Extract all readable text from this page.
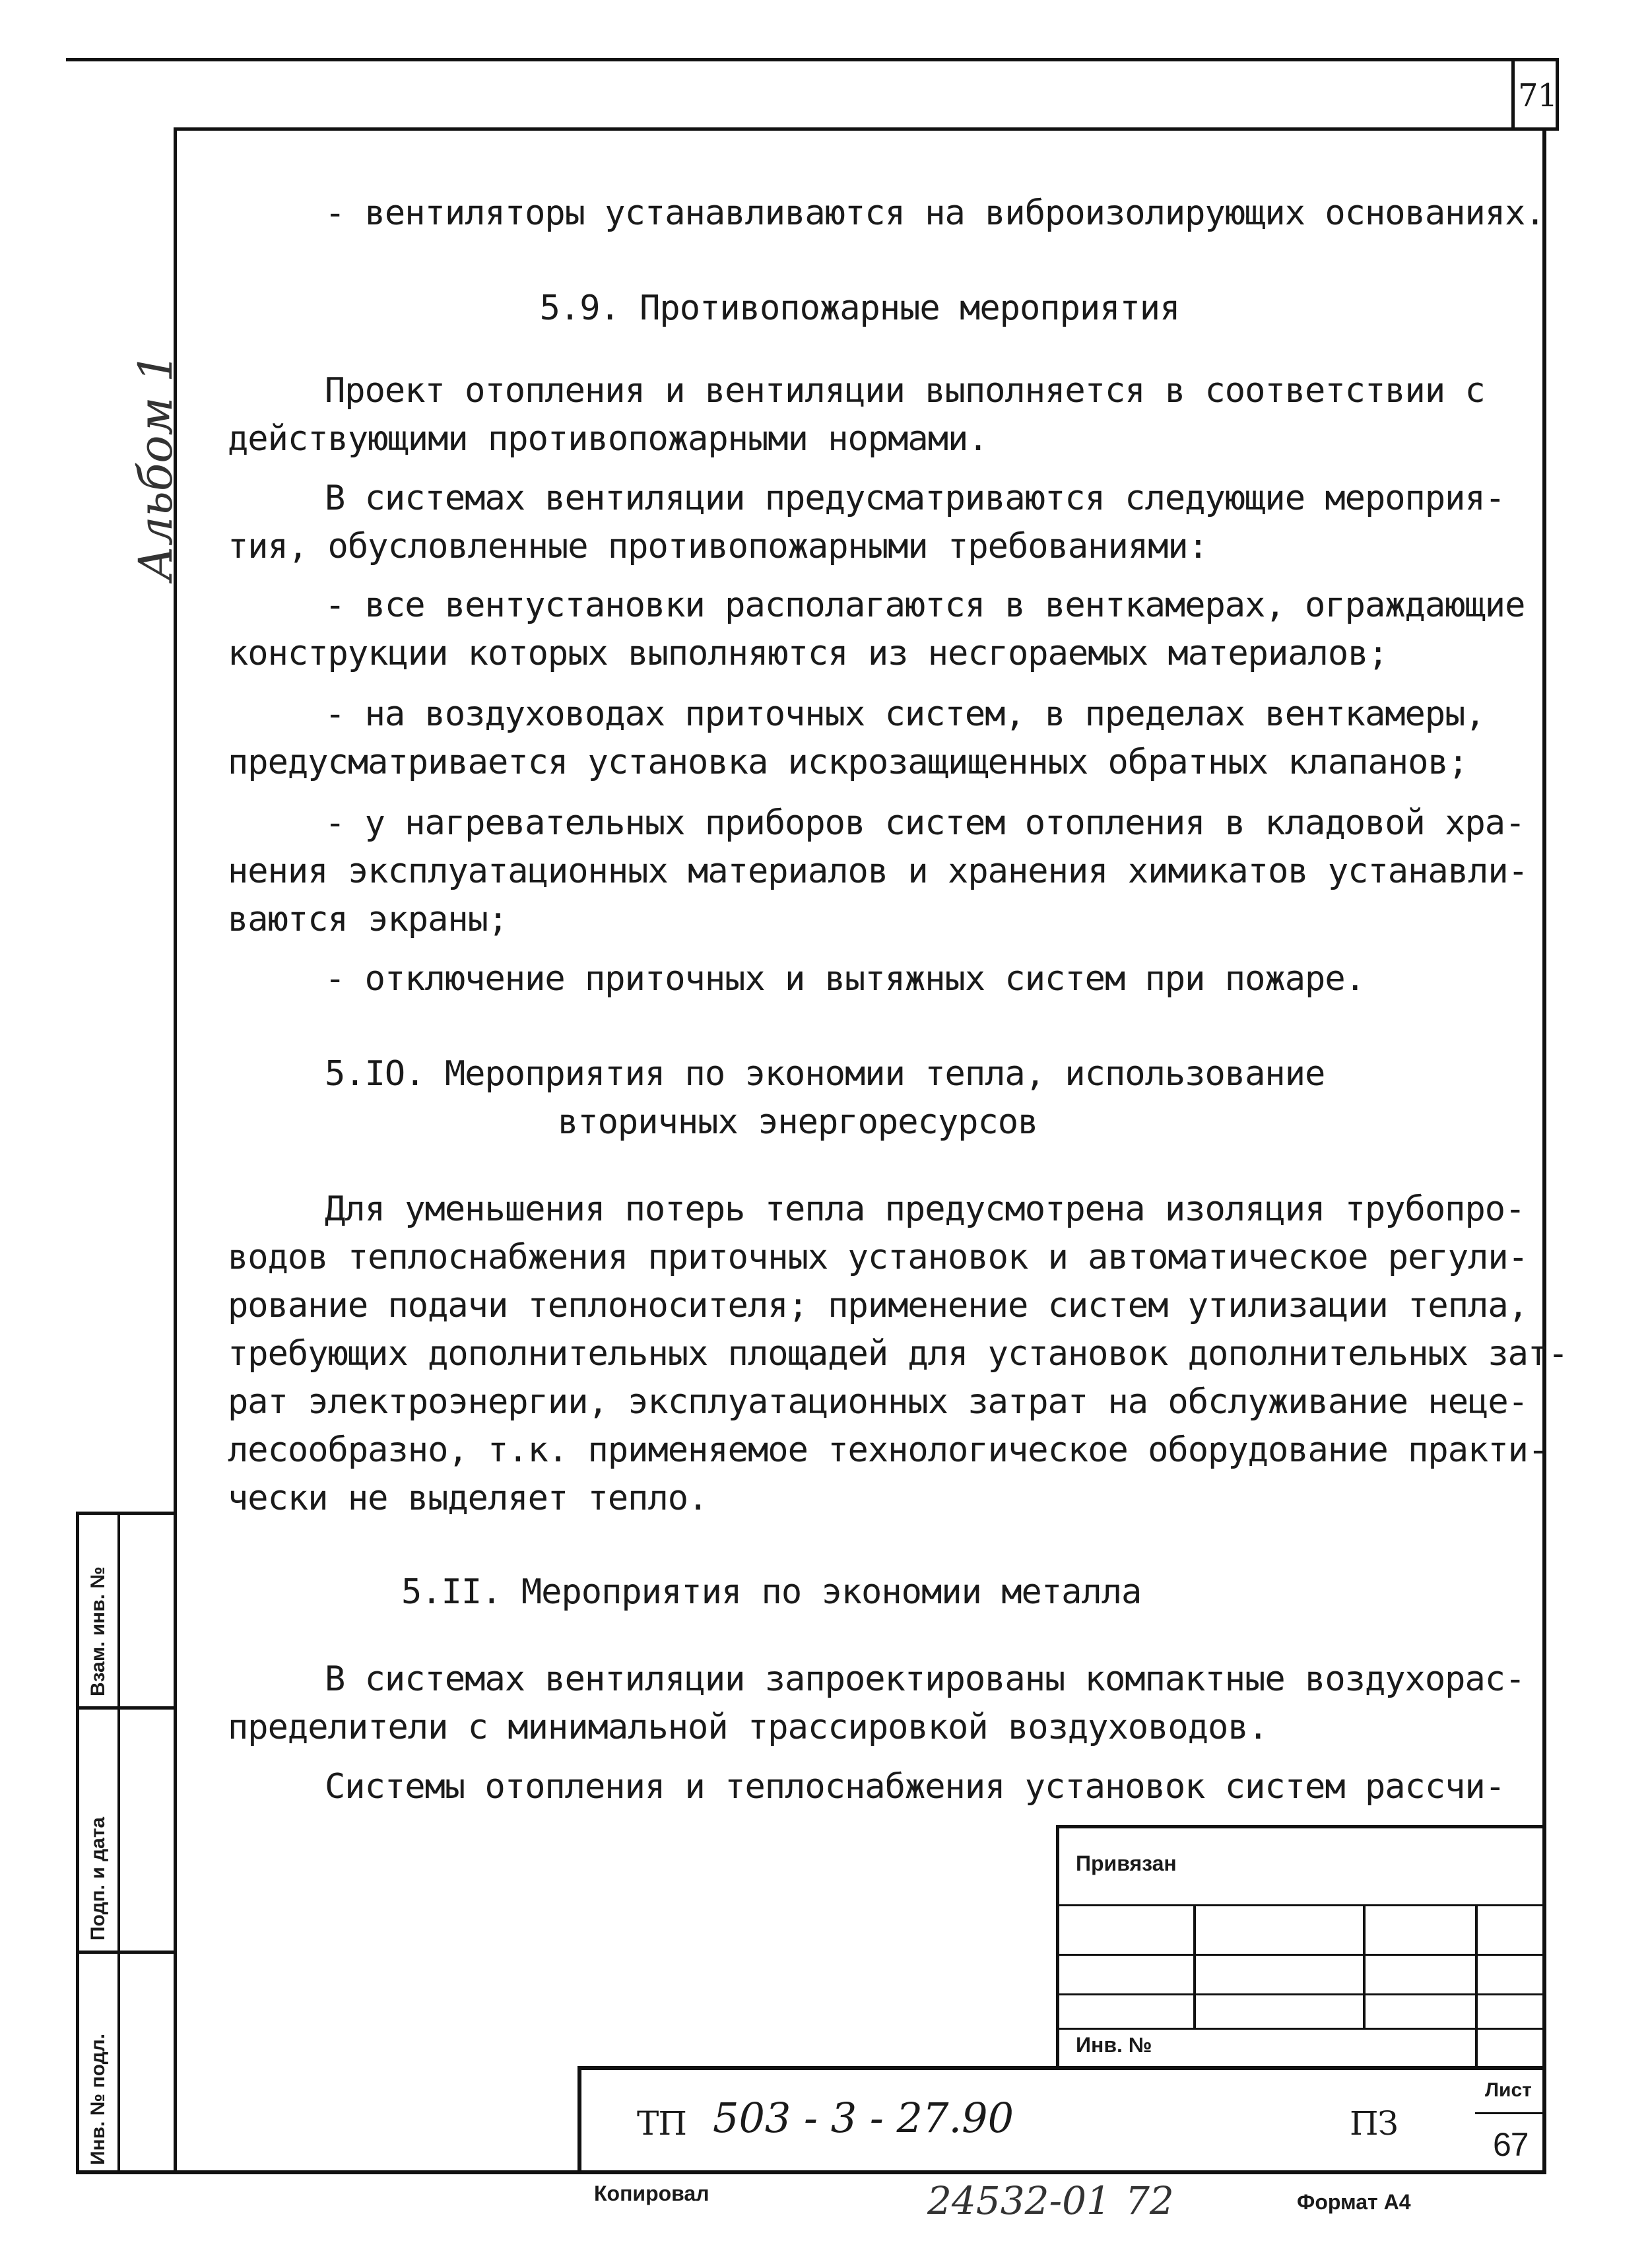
71
Альбом 1
- вентиляторы устанавливаются на виброизолирующих основаниях.
5.9. Противопожарные мероприятия
Проект отопления и вентиляции выполняется в соответствии с
действующими противопожарными нормами.
В системах вентиляции предусматриваются следующие мероприя-
тия, обусловленные противопожарными требованиями:
- все вентустановки располагаются в венткамерах, ограждающие
конструкции которых выполняются из несгораемых материалов;
- на воздуховодах приточных систем, в пределах венткамеры,
предусматривается установка искрозащищенных обратных клапанов;
- у нагревательных приборов систем отопления в кладовой хра-
нения эксплуатационных материалов и хранения химикатов устанавли-
ваются экраны;
- отключение приточных и вытяжных систем при пожаре.
5.IO. Мероприятия по экономии тепла, использование
вторичных энергоресурсов
Для уменьшения потерь тепла предусмотрена изоляция трубопро-
водов теплоснабжения приточных установок и автоматическое регули-
рование подачи теплоносителя; применение систем утилизации тепла,
требующих дополнительных площадей для установок дополнительных зат-
рат электроэнергии, эксплуатационных затрат на обслуживание неце-
лесообразно, т.к. применяемое технологическое оборудование практи-
чески не выделяет тепло.
5.II. Мероприятия по экономии металла
В системах вентиляции запроектированы компактные воздухорас-
пределители с минимальной трассировкой воздуховодов.
Системы отопления и теплоснабжения установок систем рассчи-
Взам. инв. №
Подп. и дата
Инв. № подл.
Привязан
Инв. №
ТП 503 - 3 - 27.90	ПЗ
Лист
67
Копировал	24532-01 72	Формат А4
